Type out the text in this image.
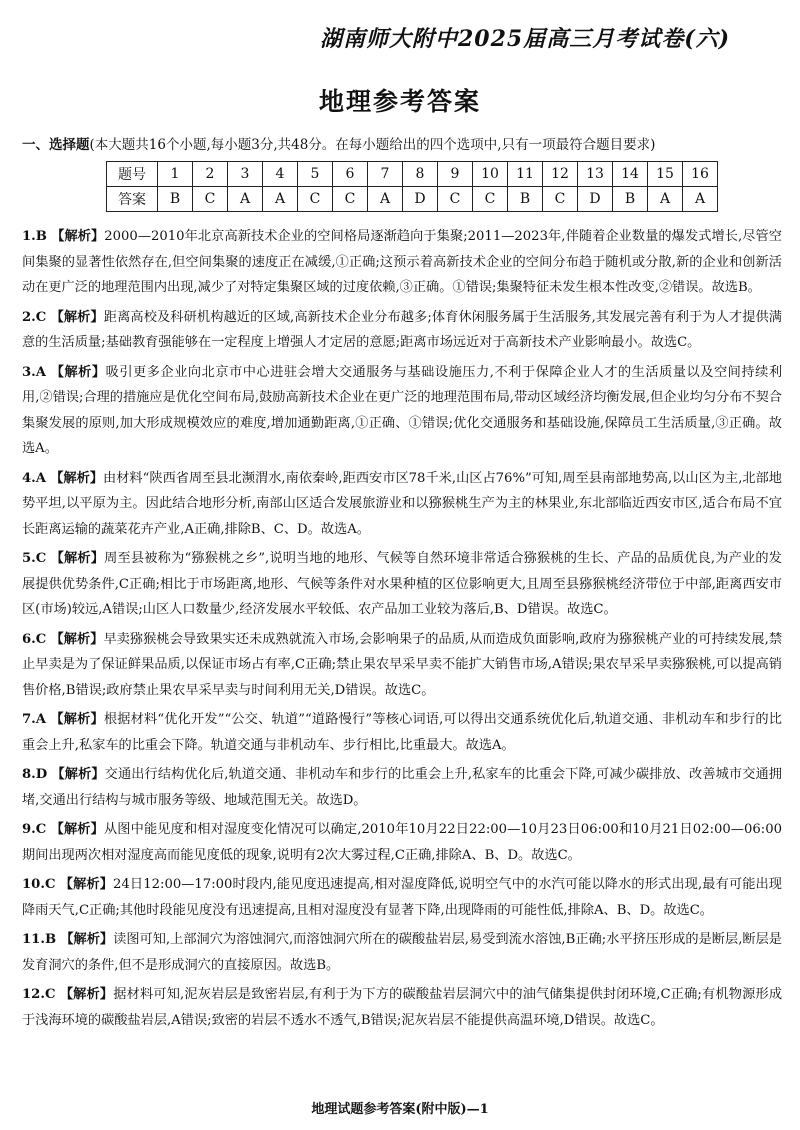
湖南师大附中2025届高三月考试卷(六)
地理参考答案
一、选择题(本大题共16个小题,每小题3分,共48分。在每小题给出的四个选项中,只有一项最符合题目要求)
题号	1	2	3	4	5	6	7	8	9	10	11	12	13	14	15	16
答案	B	C	A	A	C	C	A	D	C	C	B	C	D	B	A	A
1.B 【解析】2000—2010年北京高新技术企业的空间格局逐渐趋向于集聚;2011—2023年,伴随着企业数量的爆发式增长,尽管空间集聚的显著性依然存在,但空间集聚的速度正在减缓,①正确;这预示着高新技术企业的空间分布趋于随机或分散,新的企业和创新活动在更广泛的地理范围内出现,减少了对特定集聚区域的过度依赖,③正确。①错误;集聚特征未发生根本性改变,②错误。故选B。
2.C 【解析】距离高校及科研机构越近的区域,高新技术企业分布越多;体育休闲服务属于生活服务,其发展完善有利于为人才提供满意的生活质量;基础教育强能够在一定程度上增强人才定居的意愿;距离市场远近对于高新技术产业影响最小。故选C。
3.A 【解析】吸引更多企业向北京市中心进驻会增大交通服务与基础设施压力,不利于保障企业人才的生活质量以及空间持续利用,②错误;合理的措施应是优化空间布局,鼓励高新技术企业在更广泛的地理范围布局,带动区域经济均衡发展,但企业均匀分布不契合集聚发展的原则,加大形成规模效应的难度,增加通勤距离,①正确、①错误;优化交通服务和基础设施,保障员工生活质量,③正确。故选A。
4.A 【解析】由材料“陕西省周至县北濒渭水,南依秦岭,距西安市区78千米,山区占76%”可知,周至县南部地势高,以山区为主,北部地势平坦,以平原为主。因此结合地形分析,南部山区适合发展旅游业和以猕猴桃生产为主的林果业,东北部临近西安市区,适合布局不宜长距离运输的蔬菜花卉产业,A正确,排除B、C、D。故选A。
5.C 【解析】周至县被称为“猕猴桃之乡”,说明当地的地形、气候等自然环境非常适合猕猴桃的生长、产品的品质优良,为产业的发展提供优势条件,C正确;相比于市场距离,地形、气候等条件对水果种植的区位影响更大,且周至县猕猴桃经济带位于中部,距离西安市区(市场)较远,A错误;山区人口数量少,经济发展水平较低、农产品加工业较为落后,B、D错误。故选C。
6.C 【解析】早卖猕猴桃会导致果实还未成熟就流入市场,会影响果子的品质,从而造成负面影响,政府为猕猴桃产业的可持续发展,禁止早卖是为了保证鲜果品质,以保证市场占有率,C正确;禁止果农早采早卖不能扩大销售市场,A错误;果农早采早卖猕猴桃,可以提高销售价格,B错误;政府禁止果农早采早卖与时间利用无关,D错误。故选C。
7.A 【解析】根据材料“优化开发”“公交、轨道”“道路慢行”等核心词语,可以得出交通系统优化后,轨道交通、非机动车和步行的比重会上升,私家车的比重会下降。轨道交通与非机动车、步行相比,比重最大。故选A。
8.D 【解析】交通出行结构优化后,轨道交通、非机动车和步行的比重会上升,私家车的比重会下降,可减少碳排放、改善城市交通拥堵,交通出行结构与城市服务等级、地域范围无关。故选D。
9.C 【解析】从图中能见度和相对湿度变化情况可以确定,2010年10月22日22:00—10月23日06:00和10月21日02:00—06:00期间出现两次相对湿度高而能见度低的现象,说明有2次大雾过程,C正确,排除A、B、D。故选C。
10.C 【解析】24日12:00—17:00时段内,能见度迅速提高,相对湿度降低,说明空气中的水汽可能以降水的形式出现,最有可能出现降雨天气,C正确;其他时段能见度没有迅速提高,且相对湿度没有显著下降,出现降雨的可能性低,排除A、B、D。故选C。
11.B 【解析】读图可知,上部洞穴为溶蚀洞穴,而溶蚀洞穴所在的碳酸盐岩层,易受到流水溶蚀,B正确;水平挤压形成的是断层,断层是发育洞穴的条件,但不是形成洞穴的直接原因。故选B。
12.C 【解析】据材料可知,泥灰岩层是致密岩层,有利于为下方的碳酸盐岩层洞穴中的油气储集提供封闭环境,C正确;有机物源形成于浅海环境的碳酸盐岩层,A错误;致密的岩层不透水不透气,B错误;泥灰岩层不能提供高温环境,D错误。故选C。
地理试题参考答案(附中版)—1
